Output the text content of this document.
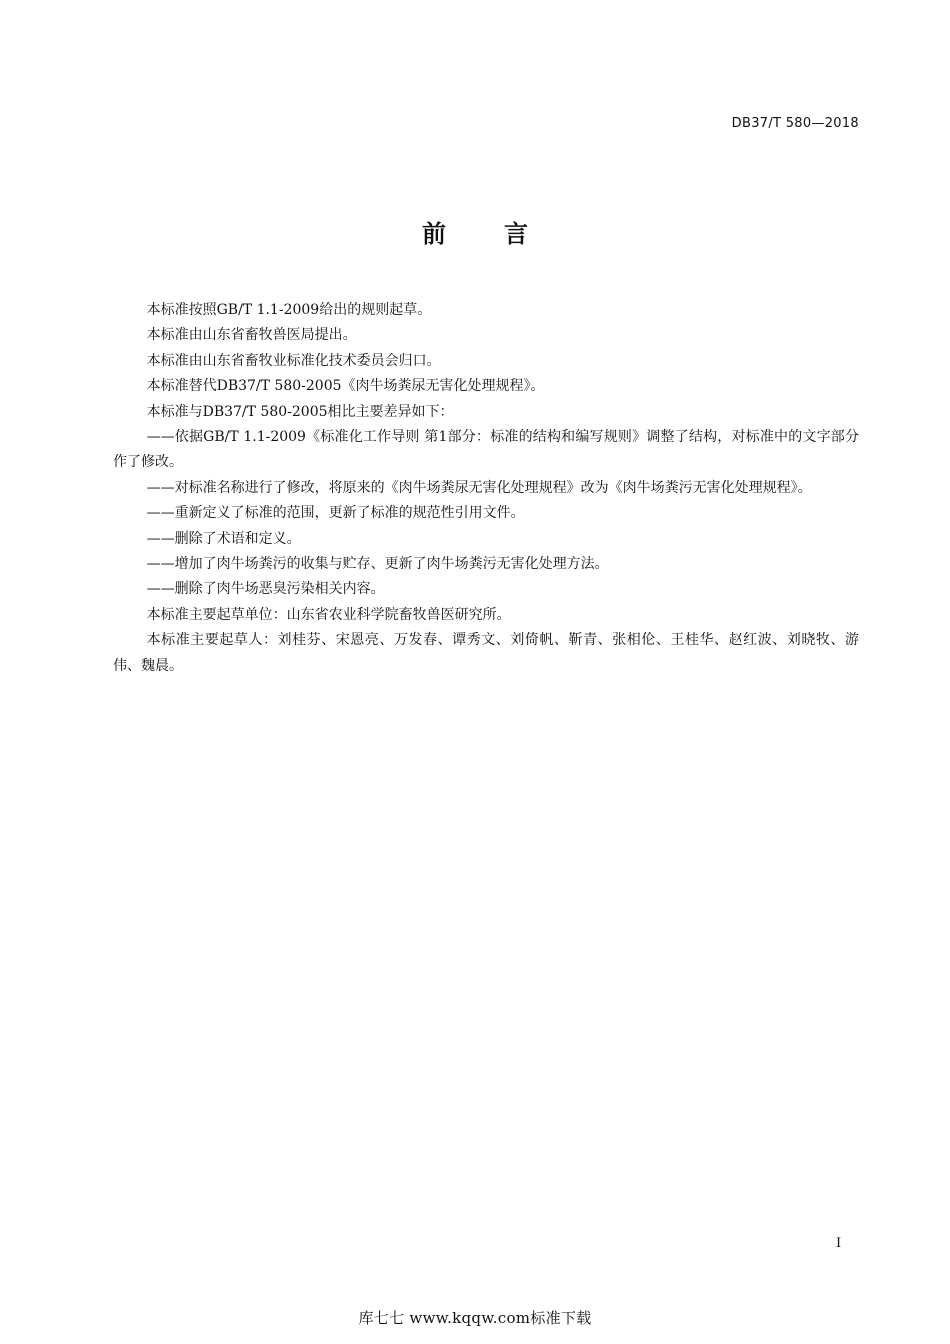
DB37/T 580—2018
前 言

本标准按照GB/T 1.1-2009给出的规则起草。

本标准由山东省畜牧兽医局提出。

本标准由山东省畜牧业标准化技术委员会归口。

本标准替代DB37/T 580-2005《肉牛场粪尿无害化处理规程》。

本标准与DB37/T 580-2005相比主要差异如下：

——依据GB/T 1.1-2009《标准化工作导则 第1部分：标准的结构和编写规则》调整了结构，对标准中的文字部分作了修改。

——对标准名称进行了修改，将原来的《肉牛场粪尿无害化处理规程》改为《肉牛场粪污无害化处理规程》。

——重新定义了标准的范围，更新了标准的规范性引用文件。

——删除了术语和定义。

——增加了肉牛场粪污的收集与贮存、更新了肉牛场粪污无害化处理方法。

——删除了肉牛场恶臭污染相关内容。

本标准主要起草单位：山东省农业科学院畜牧兽医研究所。

本标准主要起草人：刘桂芬、宋恩亮、万发春、谭秀文、刘倚帆、靳青、张相伦、王桂华、赵红波、刘晓牧、游伟、魏晨。

I
库七七 www.kqqw.com标准下载
